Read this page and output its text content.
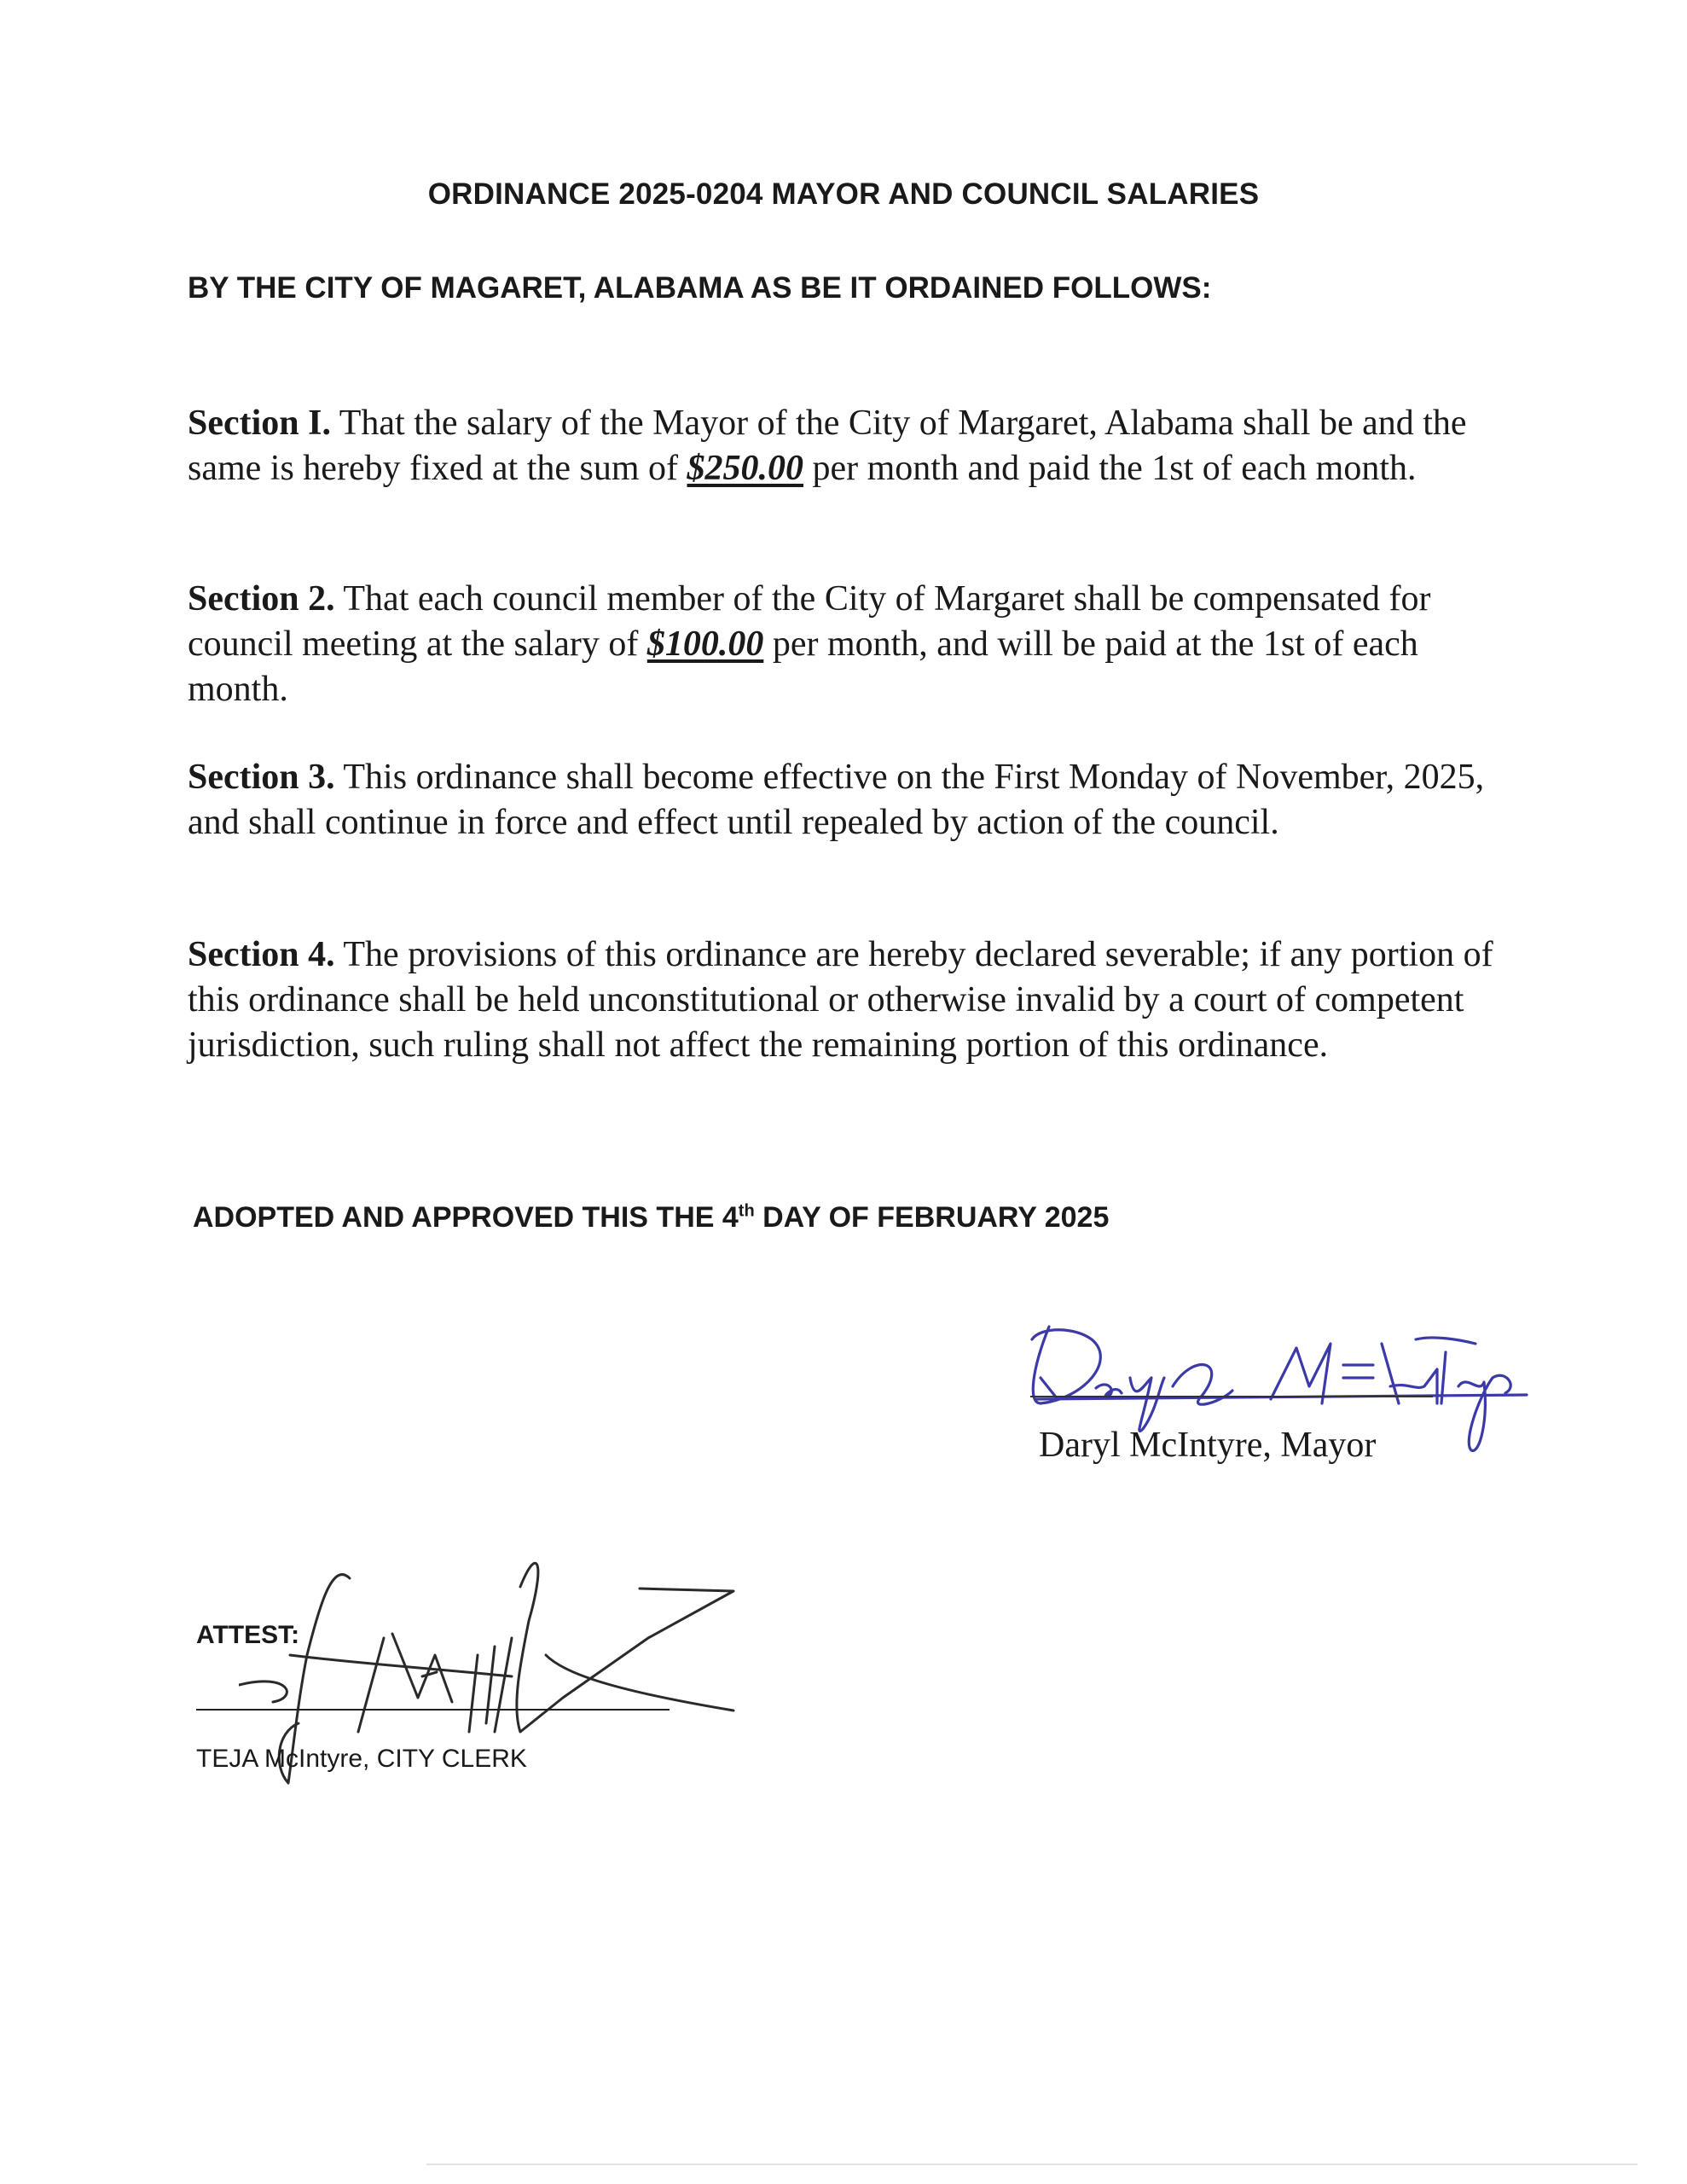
ORDINANCE 2025-0204 MAYOR AND COUNCIL SALARIES
BY THE CITY OF MAGARET, ALABAMA AS BE IT ORDAINED FOLLOWS:
Section I. That the salary of the Mayor of the City of Margaret, Alabama shall be and the same is hereby fixed at the sum of $250.00 per month and paid the 1st of each month.
Section 2. That each council member of the City of Margaret shall be compensated for council meeting at the salary of $100.00 per month, and will be paid at the 1st of each month.
Section 3. This ordinance shall become effective on the First Monday of November, 2025, and shall continue in force and effect until repealed by action of the council.
Section 4. The provisions of this ordinance are hereby declared severable; if any portion of this ordinance shall be held unconstitutional or otherwise invalid by a court of competent jurisdiction, such ruling shall not affect the remaining portion of this ordinance.
ADOPTED AND APPROVED THIS THE 4th DAY OF FEBRUARY 2025
Daryl McIntyre, Mayor
ATTEST:
TEJA McIntyre, CITY CLERK
